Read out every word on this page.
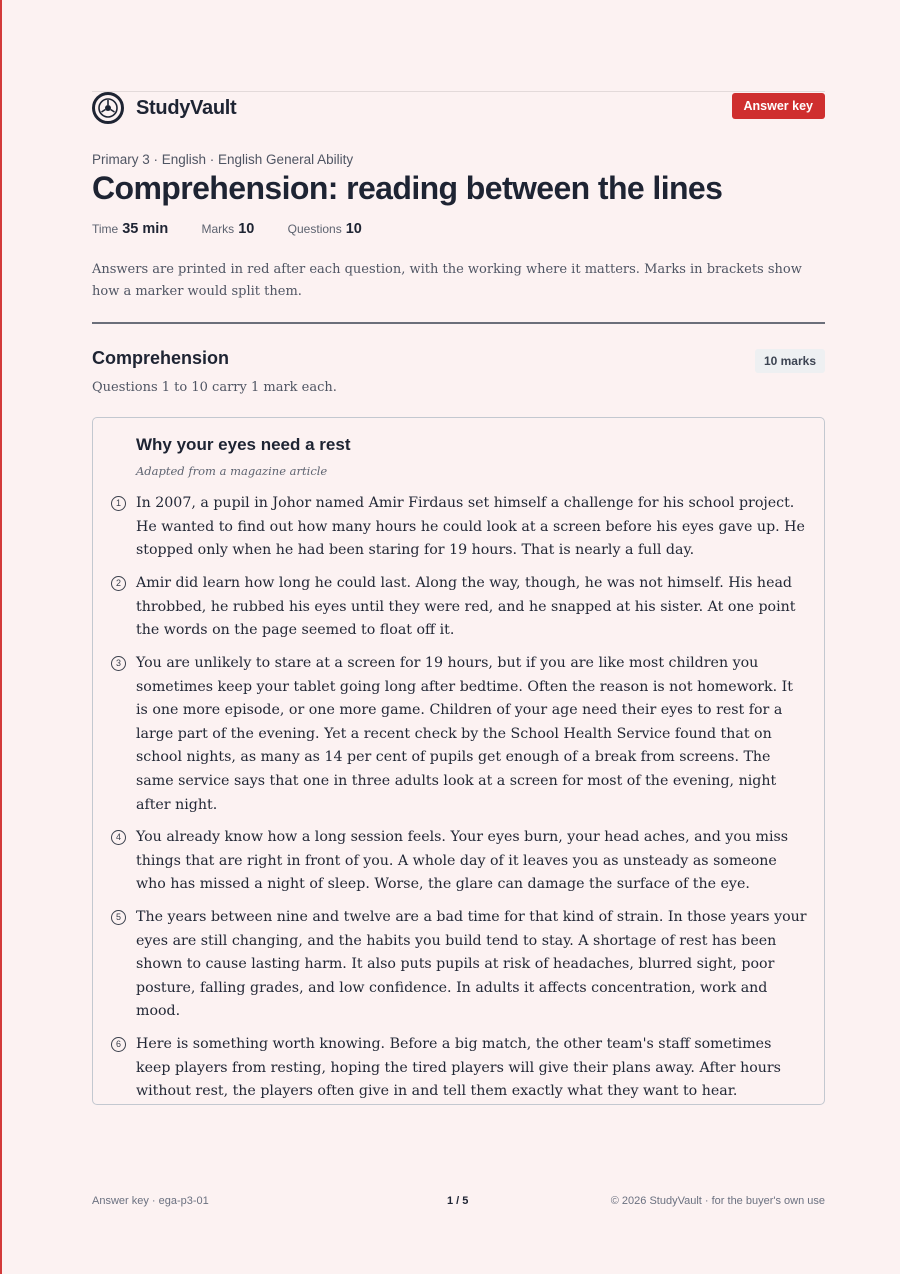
StudyVault	Answer key
Primary 3 · English · English General Ability
Comprehension: reading between the lines
Time 35 min	Marks 10	Questions 10
Answers are printed in red after each question, with the working where it matters. Marks in brackets show how a marker would split them.
Comprehension	10 marks
Questions 1 to 10 carry 1 mark each.
Why your eyes need a rest
Adapted from a magazine article
1	In 2007, a pupil in Johor named Amir Firdaus set himself a challenge for his school project. He wanted to find out how many hours he could look at a screen before his eyes gave up. He stopped only when he had been staring for 19 hours. That is nearly a full day.
2	Amir did learn how long he could last. Along the way, though, he was not himself. His head throbbed, he rubbed his eyes until they were red, and he snapped at his sister. At one point the words on the page seemed to float off it.
3	You are unlikely to stare at a screen for 19 hours, but if you are like most children you sometimes keep your tablet going long after bedtime. Often the reason is not homework. It is one more episode, or one more game. Children of your age need their eyes to rest for a large part of the evening. Yet a recent check by the School Health Service found that on school nights, as many as 14 per cent of pupils get enough of a break from screens. The same service says that one in three adults look at a screen for most of the evening, night after night.
4	You already know how a long session feels. Your eyes burn, your head aches, and you miss things that are right in front of you. A whole day of it leaves you as unsteady as someone who has missed a night of sleep. Worse, the glare can damage the surface of the eye.
5	The years between nine and twelve are a bad time for that kind of strain. In those years your eyes are still changing, and the habits you build tend to stay. A shortage of rest has been shown to cause lasting harm. It also puts pupils at risk of headaches, blurred sight, poor posture, falling grades, and low confidence. In adults it affects concentration, work and mood.
6	Here is something worth knowing. Before a big match, the other team's staff sometimes keep players from resting, hoping the tired players will give their plans away. After hours without rest, the players often give in and tell them exactly what they want to hear.
Answer key · ega-p3-01	1 / 5	© 2026 StudyVault · for the buyer's own use
